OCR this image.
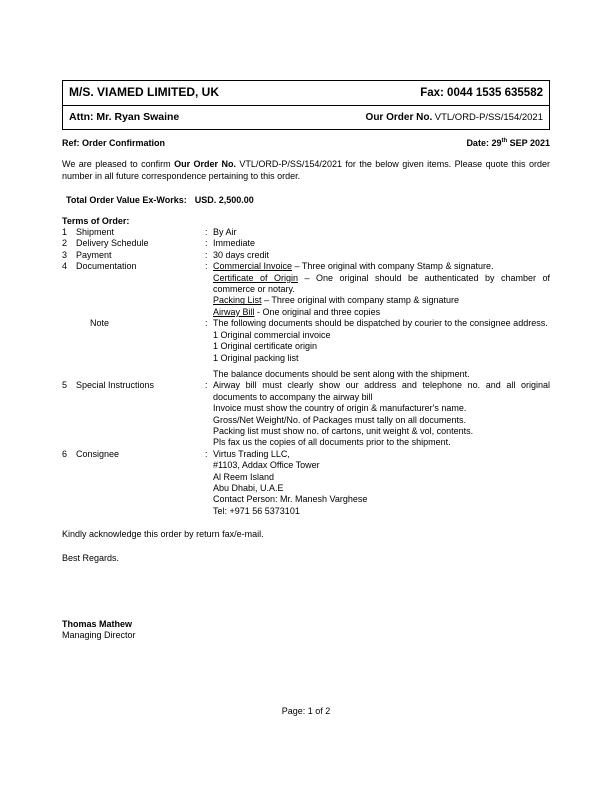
M/S. VIAMED LIMITED, UK	Fax: 0044 1535 635582
Attn: Mr. Ryan Swaine	Our Order No. VTL/ORD-P/SS/154/2021
Ref: Order Confirmation	Date: 29th SEP 2021

We are pleased to confirm Our Order No. VTL/ORD-P/SS/154/2021 for the below given items. Please quote this order number in all future correspondence pertaining to this order.

Total Order Value Ex-Works: USD. 2,500.00

Terms of Order:

1 Shipment	: By Air
2 Delivery Schedule	: Immediate
3 Payment	: 30 days credit
4 Documentation	: Commercial Invoice – Three original with company Stamp & signature.
Certificate of Origin – One original should be authenticated by chamber of commerce or notary.
Packing List – Three original with company stamp & signature
Airway Bill - One original and three copies
Note	: The following documents should be dispatched by courier to the consignee address.
1 Original commercial invoice
1 Original certificate origin
1 Original packing list
The balance documents should be sent along with the shipment.
5 Special Instructions	: Airway bill must clearly show our address and telephone no. and all original documents to accompany the airway bill
Invoice must show the country of origin & manufacturer's name.
Gross/Net Weight/No. of Packages must tally on all documents.
Packing list must show no. of cartons, unit weight & vol, contents.
Pls fax us the copies of all documents prior to the shipment.
6 Consignee	: Virtus Trading LLC,
#1103, Addax Office Tower
Al Reem Island
Abu Dhabi, U.A.E
Contact Person: Mr. Manesh Varghese
Tel: +971 56 5373101

Kindly acknowledge this order by return fax/e-mail.

Best Regards.

Thomas Mathew
Managing Director
Page: 1 of 2
